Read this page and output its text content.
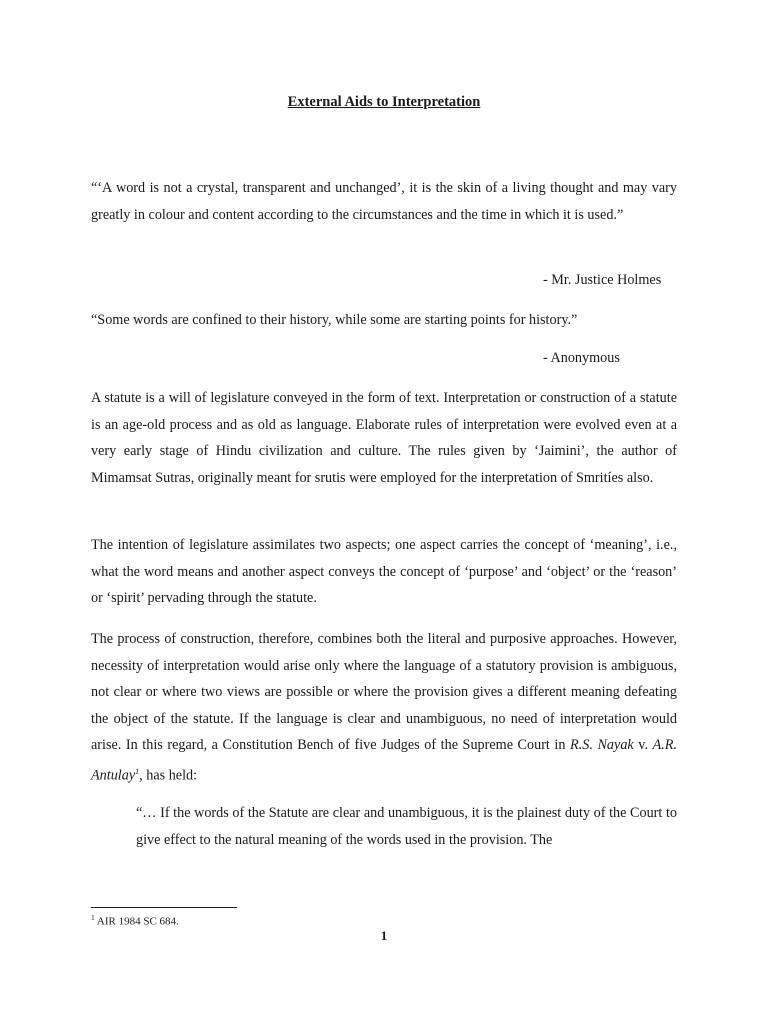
External Aids to Interpretation

“‘A word is not a crystal, transparent and unchanged’, it is the skin of a living thought and may vary greatly in colour and content according to the circumstances and the time in which it is used.”

- Mr. Justice Holmes

“Some words are confined to their history, while some are starting points for history.”

- Anonymous

A statute is a will of legislature conveyed in the form of text. Interpretation or construction of a statute is an age-old process and as old as language. Elaborate rules of interpretation were evolved even at a very early stage of Hindu civilization and culture. The rules given by ‘Jaimini’, the author of Mimamsat Sutras, originally meant for srutis were employed for the interpretation of Smritíes also.

The intention of legislature assimilates two aspects; one aspect carries the concept of ‘meaning’, i.e., what the word means and another aspect conveys the concept of ‘purpose’ and ‘object’ or the ‘reason’ or ‘spirit’ pervading through the statute.

The process of construction, therefore, combines both the literal and purposive approaches. However, necessity of interpretation would arise only where the language of a statutory provision is ambiguous, not clear or where two views are possible or where the provision gives a different meaning defeating the object of the statute. If the language is clear and unambiguous, no need of interpretation would arise. In this regard, a Constitution Bench of five Judges of the Supreme Court in R.S. Nayak v. A.R. Antulay$^1$, has held:

“… If the words of the Statute are clear and unambiguous, it is the plainest duty of the Court to give effect to the natural meaning of the words used in the provision. The

$^1$ AIR 1984 SC 684.
1
